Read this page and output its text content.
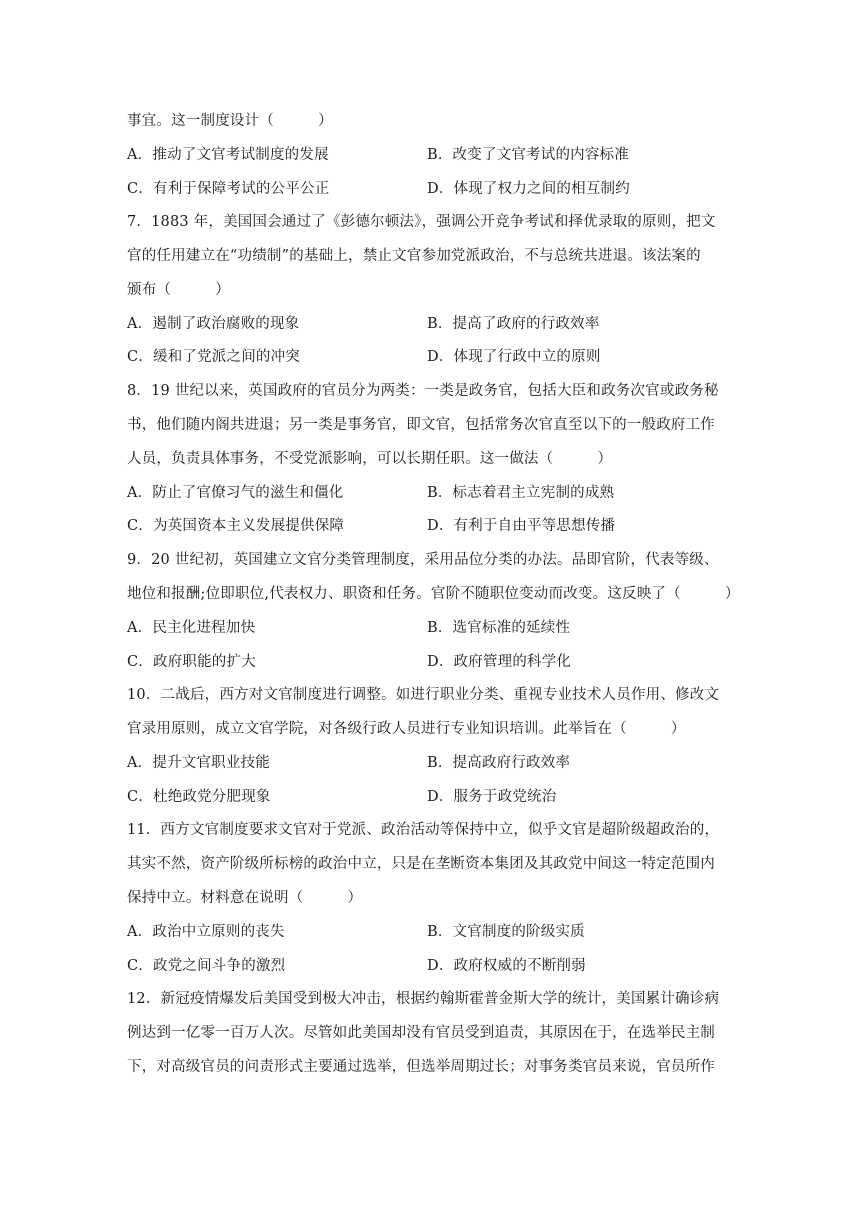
事宜。这一制度设计（　　　）
A．推动了文官考试制度的发展	B．改变了文官考试的内容标准
C．有利于保障考试的公平公正	D．体现了权力之间的相互制约
7．1883 年，美国国会通过了《彭德尔顿法》，强调公开竞争考试和择优录取的原则，把文
官的任用建立在“功绩制”的基础上，禁止文官参加党派政治，不与总统共进退。该法案的
颁布（　　　）
A．遏制了政治腐败的现象	B．提高了政府的行政效率
C．缓和了党派之间的冲突	D．体现了行政中立的原则
8．19 世纪以来，英国政府的官员分为两类：一类是政务官，包括大臣和政务次官或政务秘
书，他们随内阁共进退；另一类是事务官，即文官，包括常务次官直至以下的一般政府工作
人员，负责具体事务，不受党派影响，可以长期任职。这一做法（　　　）
A．防止了官僚习气的滋生和僵化	B．标志着君主立宪制的成熟
C．为英国资本主义发展提供保障	D．有利于自由平等思想传播
9．20 世纪初，英国建立文官分类管理制度，采用品位分类的办法。品即官阶，代表等级、
地位和报酬;位即职位,代表权力、职资和任务。官阶不随职位变动而改变。这反映了（　　　）
A．民主化进程加快	B．选官标准的延续性
C．政府职能的扩大	D．政府管理的科学化
10．二战后，西方对文官制度进行调整。如进行职业分类、重视专业技术人员作用、修改文
官录用原则，成立文官学院，对各级行政人员进行专业知识培训。此举旨在（　　　）
A．提升文官职业技能	B．提高政府行政效率
C．杜绝政党分肥现象	D．服务于政党统治
11．西方文官制度要求文官对于党派、政治活动等保持中立，似乎文官是超阶级超政治的，
其实不然，资产阶级所标榜的政治中立，只是在垄断资本集团及其政党中间这一特定范围内
保持中立。材料意在说明（　　　）
A．政治中立原则的丧失	B．文官制度的阶级实质
C．政党之间斗争的激烈	D．政府权威的不断削弱
12．新冠疫情爆发后美国受到极大冲击，根据约翰斯霍普金斯大学的统计，美国累计确诊病
例达到一亿零一百万人次。尽管如此美国却没有官员受到追责，其原因在于，在选举民主制
下，对高级官员的问责形式主要通过选举，但选举周期过长；对事务类官员来说，官员所作
